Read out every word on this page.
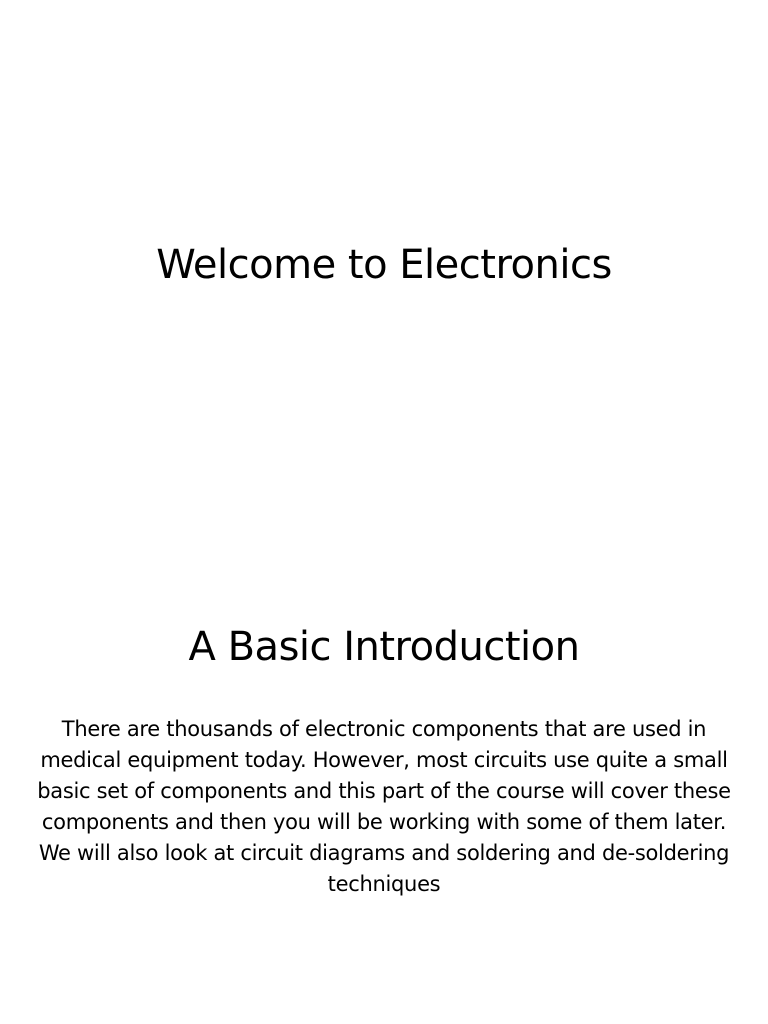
Welcome to Electronics
A Basic Introduction

There are thousands of electronic components that are used in
medical equipment today. However, most circuits use quite a small
basic set of components and this part of the course will cover these
components and then you will be working with some of them later.
We will also look at circuit diagrams and soldering and de-soldering
techniques
